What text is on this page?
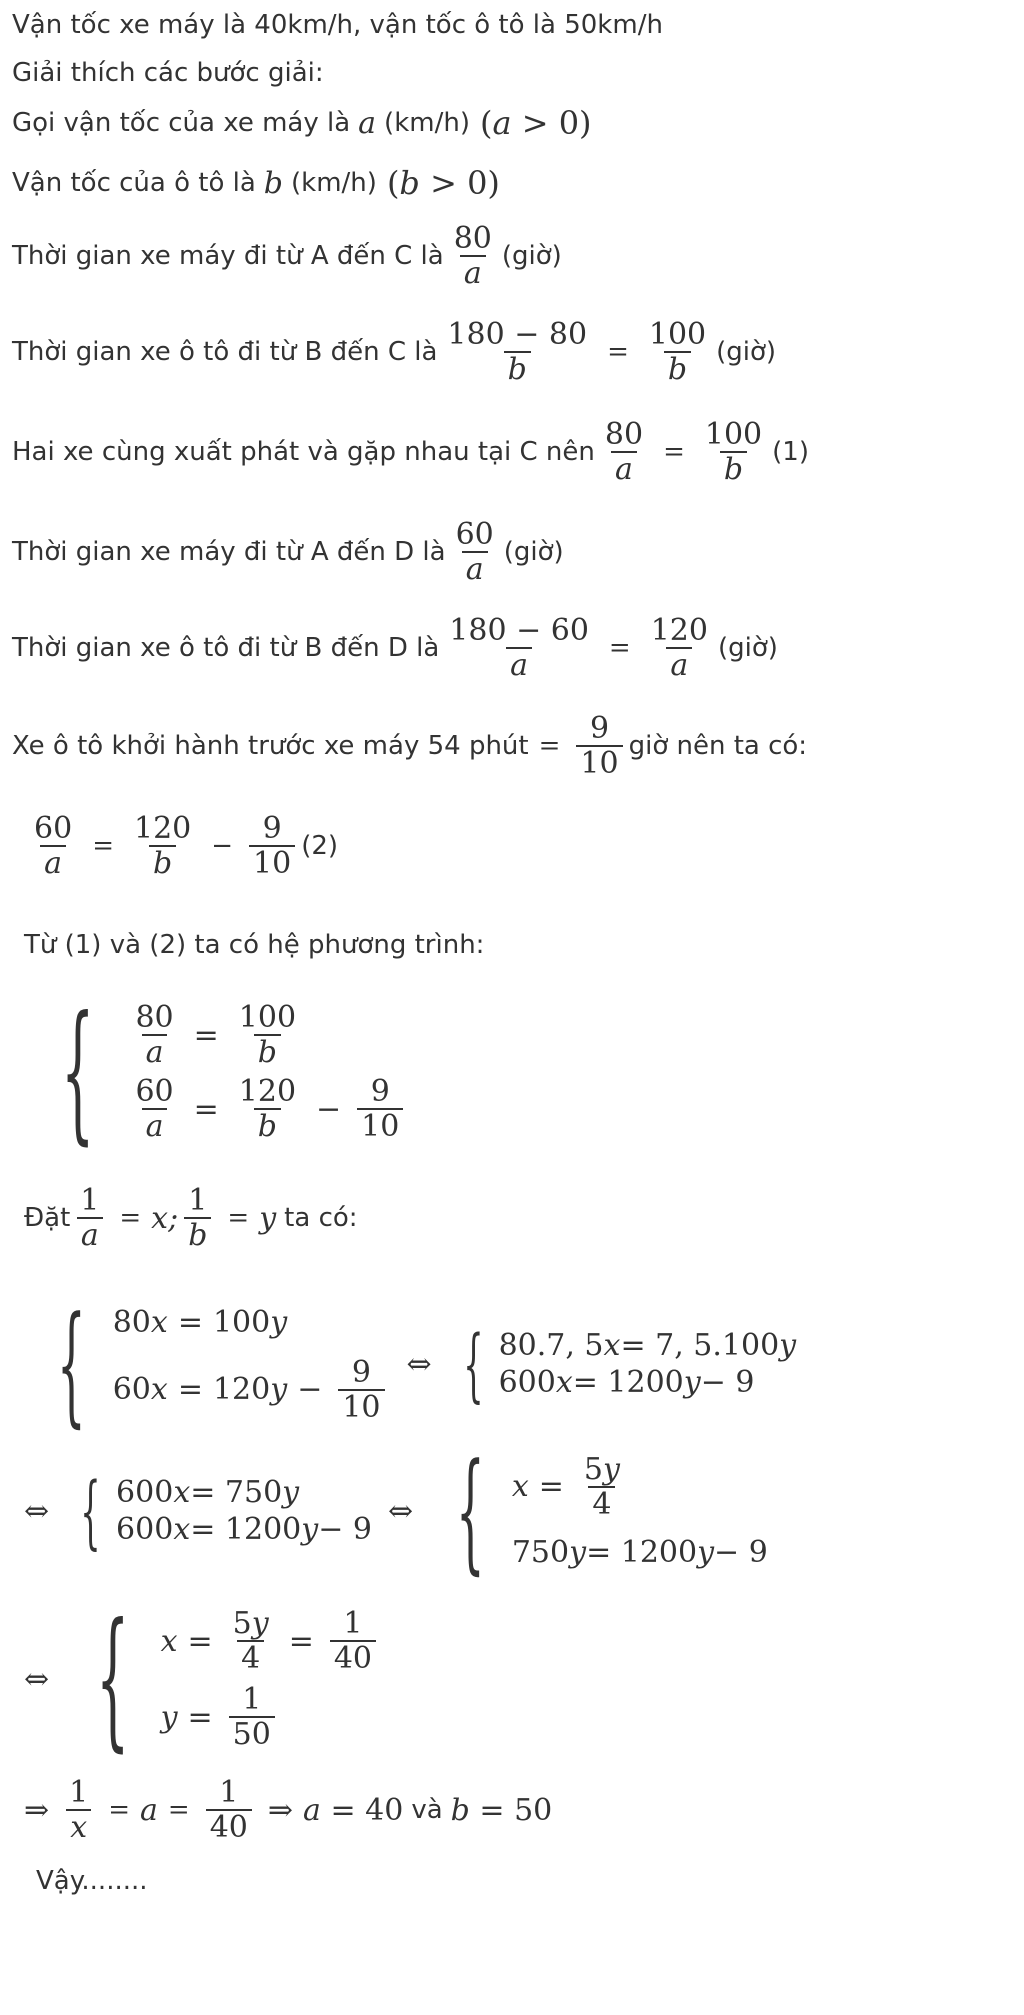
Vận tốc xe máy là 40km/h, vận tốc ô tô là 50km/h
Giải thích các bước giải:
Gọi vận tốc của xe máy là a (km/h) (a > 0)
Vận tốc của ô tô là b (km/h) (b > 0)
Thời gian xe máy đi từ A đến C là $\frac{80}{a}$ (giờ)
Thời gian xe ô tô đi từ B đến C là $\frac{180 - 80}{b} = \frac{100}{b}$ (giờ)
Hai xe cùng xuất phát và gặp nhau tại C nên $\frac{80}{a} = \frac{100}{b} (1)$
Thời gian xe máy đi từ A đến D là $\frac{60}{a}$ (giờ)
Thời gian xe ô tô đi từ B đến D là $\frac{180 - 60}{a} = \frac{120}{a}$ (giờ)
Xe ô tô khởi hành trước xe máy 54 phút = $\frac{9}{10}$ giờ nên ta có:
$\frac{60}{a} = \frac{120}{b} - \frac{9}{10} (2)$
Từ (1) và (2) ta có hệ phương trình:
{ $\frac{80}{a} = \frac{100}{b}$
$\frac{60}{a} = \frac{120}{b} - \frac{9}{10}$
Đặt $\frac{1}{a} = x$; $\frac{1}{b} = y$ ta có:
{ 80 x = 100 y
60 x = 120 $y - \frac{9}{10}$ ⇔ { 80.7, 5 x = 7, 5.100 y
600 x = 1200 y − 9
⇔ { 600 x = 750 y
600 x = 1200 y − 9
⇔ { $x = \frac{5y}{4}$
750 y = 1200 y − 9
⇔ { $x = \frac{5y}{4} = \frac{1}{40}$
$y = \frac{1}{50}$
⇒ $\frac{1}{x} = a = \frac{1}{40}$ ⇒ a = 40 và b = 50
Vậy........
